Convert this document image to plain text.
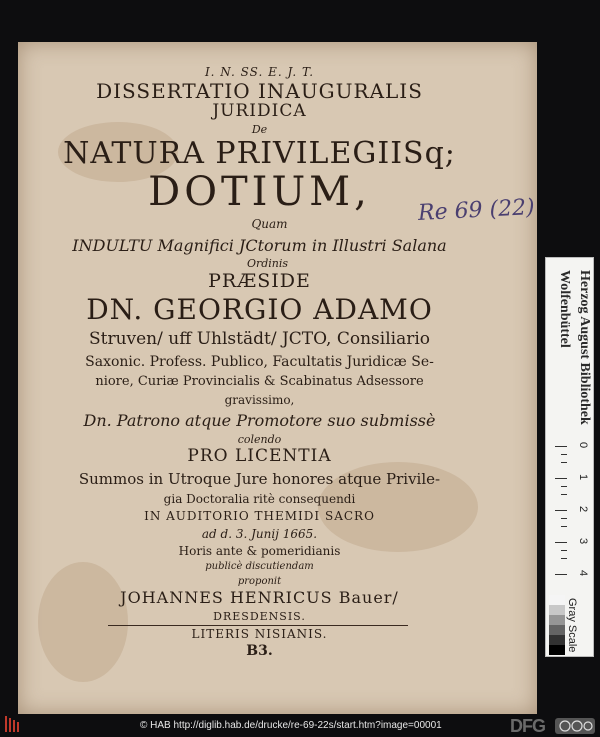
I. N. SS. E. J. T.
DISSERTATIO INAUGURALIS
JURIDICA
De
NATURA PRIVILEGIISq;
DOTIUM,
Quam
INDULTU Magnifici JCtorum in Illustri Salana
Ordinis
PRÆSIDE
DN. GEORGIO ADAMO
Struven/ uff Uhlstädt/ JCTO, Consiliario
Saxonic. Profess. Publico, Facultatis Juridicæ Se-
niore, Curiæ Provincialis & Scabinatus Adsessore
gravissimo,
Dn. Patrono atque Promotore suo submissè
colendo
PRO LICENTIA
Summos in Utroque Jure honores atque Privile-
gia Doctoralia ritè consequendi
IN AUDITORIO THEMIDI SACRO
ad d. 3. Junij 1665.
Horis ante & pomeridianis
publicè discutiendam
proponit
JOHANNES HENRICUS Bauer/
DRESDENSIS.
LITERIS NISIANIS.
B3.
Re 69 (22)
Herzog August Bibliothek Wolfenbüttel
0
1
2
3
4
Gray Scale
© HAB http://diglib.hab.de/drucke/re-69-22s/start.htm?image=00001	DFG
